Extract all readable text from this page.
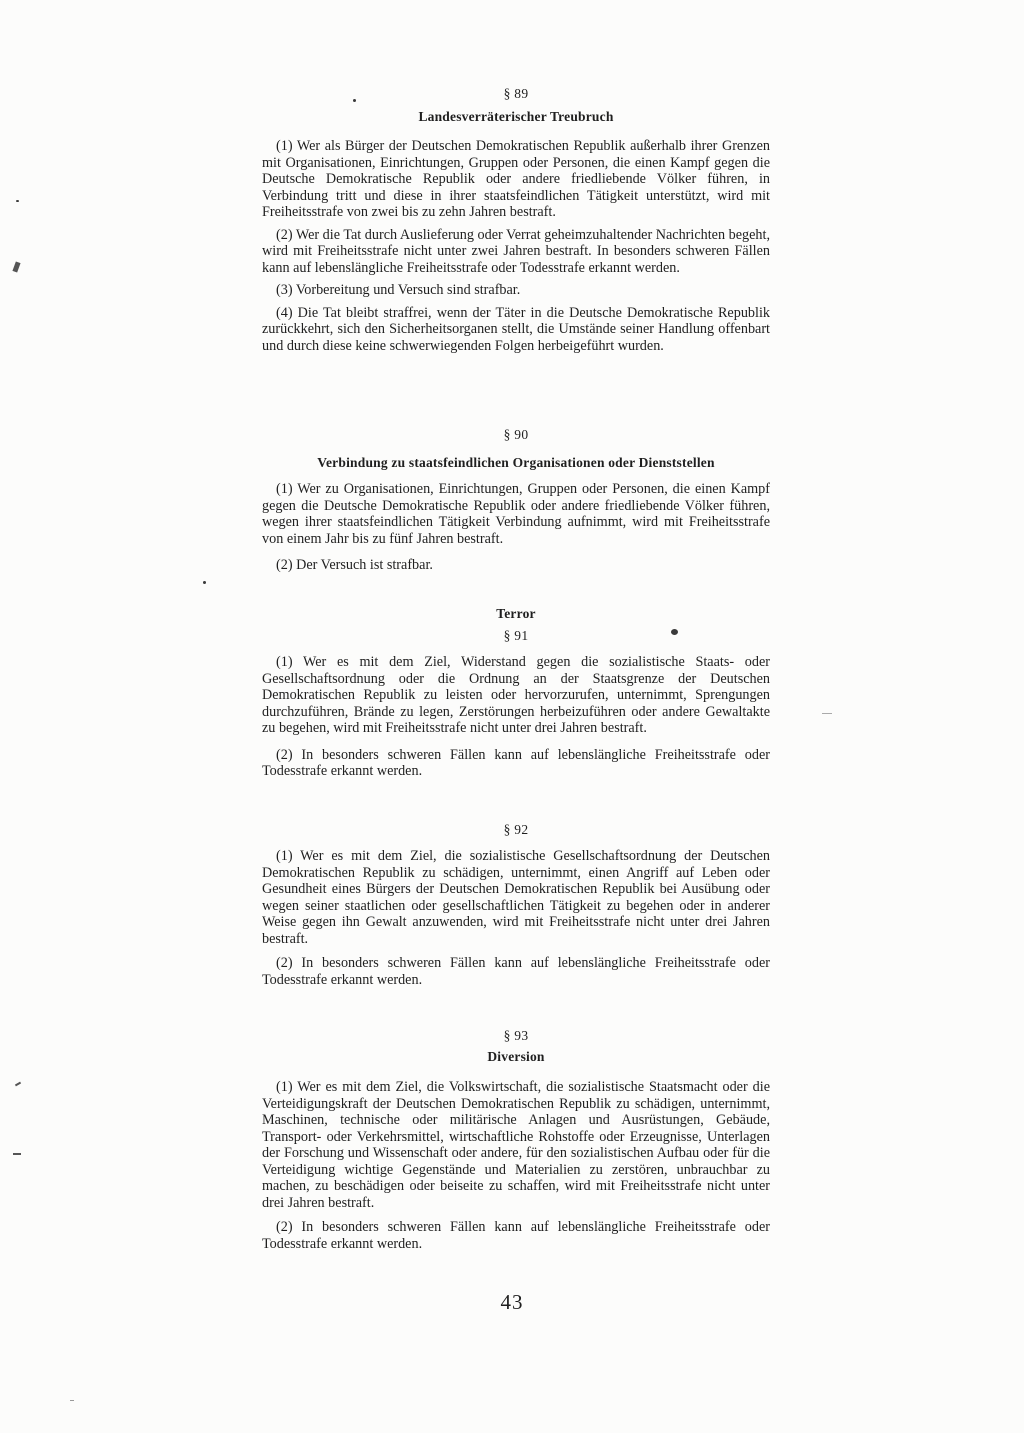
§ 89
Landesverräterischer Treubruch

(1) Wer als Bürger der Deutschen Demokratischen Republik außerhalb ihrer Grenzen mit Organisationen, Einrichtungen, Gruppen oder Personen, die einen Kampf gegen die Deutsche Demokratische Republik oder andere friedliebende Völker führen, in Verbindung tritt und diese in ihrer staatsfeindlichen Tätigkeit unterstützt, wird mit Freiheitsstrafe von zwei bis zu zehn Jahren bestraft.

(2) Wer die Tat durch Auslieferung oder Verrat geheimzuhaltender Nachrichten begeht, wird mit Freiheitsstrafe nicht unter zwei Jahren bestraft. In besonders schweren Fällen kann auf lebenslängliche Freiheitsstrafe oder Todesstrafe erkannt werden.

(3) Vorbereitung und Versuch sind strafbar.

(4) Die Tat bleibt straffrei, wenn der Täter in die Deutsche Demokratische Republik zurückkehrt, sich den Sicherheitsorganen stellt, die Umstände seiner Handlung offenbart und durch diese keine schwerwiegenden Folgen herbeigeführt wurden.

§ 90
Verbindung zu staatsfeindlichen Organisationen oder Dienststellen

(1) Wer zu Organisationen, Einrichtungen, Gruppen oder Personen, die einen Kampf gegen die Deutsche Demokratische Republik oder andere friedliebende Völker führen, wegen ihrer staatsfeindlichen Tätigkeit Verbindung aufnimmt, wird mit Freiheitsstrafe von einem Jahr bis zu fünf Jahren bestraft.

(2) Der Versuch ist strafbar.

Terror
§ 91

(1) Wer es mit dem Ziel, Widerstand gegen die sozialistische Staats- oder Gesellschaftsordnung oder die Ordnung an der Staatsgrenze der Deutschen Demokratischen Republik zu leisten oder hervorzurufen, unternimmt, Sprengungen durchzuführen, Brände zu legen, Zerstörungen herbeizuführen oder andere Gewaltakte zu begehen, wird mit Freiheitsstrafe nicht unter drei Jahren bestraft.

(2) In besonders schweren Fällen kann auf lebenslängliche Freiheitsstrafe oder Todesstrafe erkannt werden.

§ 92

(1) Wer es mit dem Ziel, die sozialistische Gesellschaftsordnung der Deutschen Demokratischen Republik zu schädigen, unternimmt, einen Angriff auf Leben oder Gesundheit eines Bürgers der Deutschen Demokratischen Republik bei Ausübung oder wegen seiner staatlichen oder gesellschaftlichen Tätigkeit zu begehen oder in anderer Weise gegen ihn Gewalt anzuwenden, wird mit Freiheitsstrafe nicht unter drei Jahren bestraft.

(2) In besonders schweren Fällen kann auf lebenslängliche Freiheitsstrafe oder Todesstrafe erkannt werden.

§ 93
Diversion

(1) Wer es mit dem Ziel, die Volkswirtschaft, die sozialistische Staatsmacht oder die Verteidigungskraft der Deutschen Demokratischen Republik zu schädigen, unternimmt, Maschinen, technische oder militärische Anlagen und Ausrüstungen, Gebäude, Transport- oder Verkehrsmittel, wirtschaftliche Rohstoffe oder Erzeugnisse, Unterlagen der Forschung und Wissenschaft oder andere, für den sozialistischen Aufbau oder für die Verteidigung wichtige Gegenstände und Materialien zu zerstören, unbrauchbar zu machen, zu beschädigen oder beiseite zu schaffen, wird mit Freiheitsstrafe nicht unter drei Jahren bestraft.

(2) In besonders schweren Fällen kann auf lebenslängliche Freiheitsstrafe oder Todesstrafe erkannt werden.

43
